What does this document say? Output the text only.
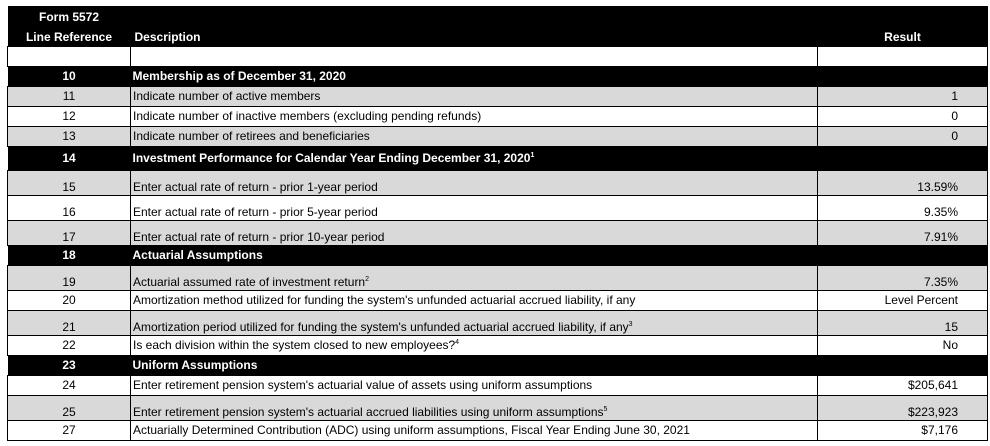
Form 5572
Line Reference	Description	Result

10	Membership as of December 31, 2020	
11	Indicate number of active members	1
12	Indicate number of inactive members (excluding pending refunds)	0
13	Indicate number of retirees and beneficiaries	0
14	Investment Performance for Calendar Year Ending December 31, 2020$^1$	
15	Enter actual rate of return - prior 1-year period	13.59%
16	Enter actual rate of return - prior 5-year period	9.35%
17	Enter actual rate of return - prior 10-year period	7.91%
18	Actuarial Assumptions	
19	Actuarial assumed rate of investment return$^2$	7.35%
20	Amortization method utilized for funding the system's unfunded actuarial accrued liability, if any	Level Percent
21	Amortization period utilized for funding the system's unfunded actuarial accrued liability, if any$^3$	15
22	Is each division within the system closed to new employees?$^4$	No
23	Uniform Assumptions	
24	Enter retirement pension system's actuarial value of assets using uniform assumptions	$205,641
25	Enter retirement pension system's actuarial accrued liabilities using uniform assumptions$^5$	$223,923
27	Actuarially Determined Contribution (ADC) using uniform assumptions, Fiscal Year Ending June 30, 2021	$7,176
